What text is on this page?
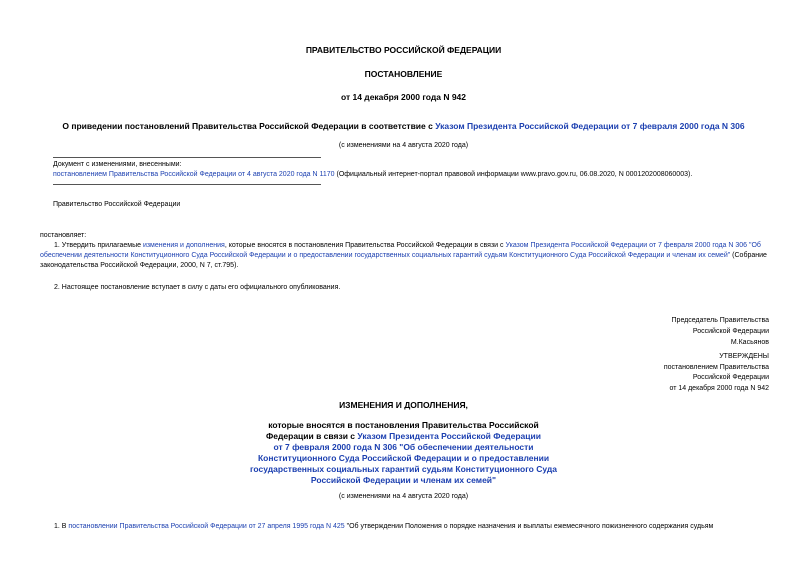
ПРАВИТЕЛЬСТВО РОССИЙСКОЙ ФЕДЕРАЦИИ
ПОСТАНОВЛЕНИЕ
от 14 декабря 2000 года N 942
О приведении постановлений Правительства Российской Федерации в соответствие с Указом Президента Российской Федерации от 7 февраля 2000 года N 306
(с изменениями на 4 августа 2020 года)
Документ с изменениями, внесенными:
постановлением Правительства Российской Федерации от 4 августа 2020 года N 1170 (Официальный интернет-портал правовой информации www.pravo.gov.ru, 06.08.2020, N 0001202008060003).
Правительство Российской Федерации
постановляет:
1. Утвердить прилагаемые изменения и дополнения, которые вносятся в постановления Правительства Российской Федерации в связи с Указом Президента Российской Федерации от 7 февраля 2000 года N 306 "Об обеспечении деятельности Конституционного Суда Российской Федерации и о предоставлении государственных социальных гарантий судьям Конституционного Суда Российской Федерации и членам их семей" (Собрание законодательства Российской Федерации, 2000, N 7, ст.795).
2. Настоящее постановление вступает в силу с даты его официального опубликования.

Председатель Правительства

Российской Федерации

М.Касьянов

УТВЕРЖДЕНЫ

постановлением Правительства

Российской Федерации

от 14 декабря 2000 года N 942

ИЗМЕНЕНИЯ И ДОПОЛНЕНИЯ,

которые вносятся в постановления Правительства Российской

Федерации в связи с Указом Президента Российской Федерации

от 7 февраля 2000 года N 306 "Об обеспечении деятельности

Конституционного Суда Российской Федерации и о предоставлении

государственных социальных гарантий судьям Конституционного Суда

Российской Федерации и членам их семей"

(с изменениями на 4 августа 2020 года)
1. В постановлении Правительства Российской Федерации от 27 апреля 1995 года N 425 "Об утверждении Положения о порядке назначения и выплаты ежемесячного пожизненного содержания судьям
